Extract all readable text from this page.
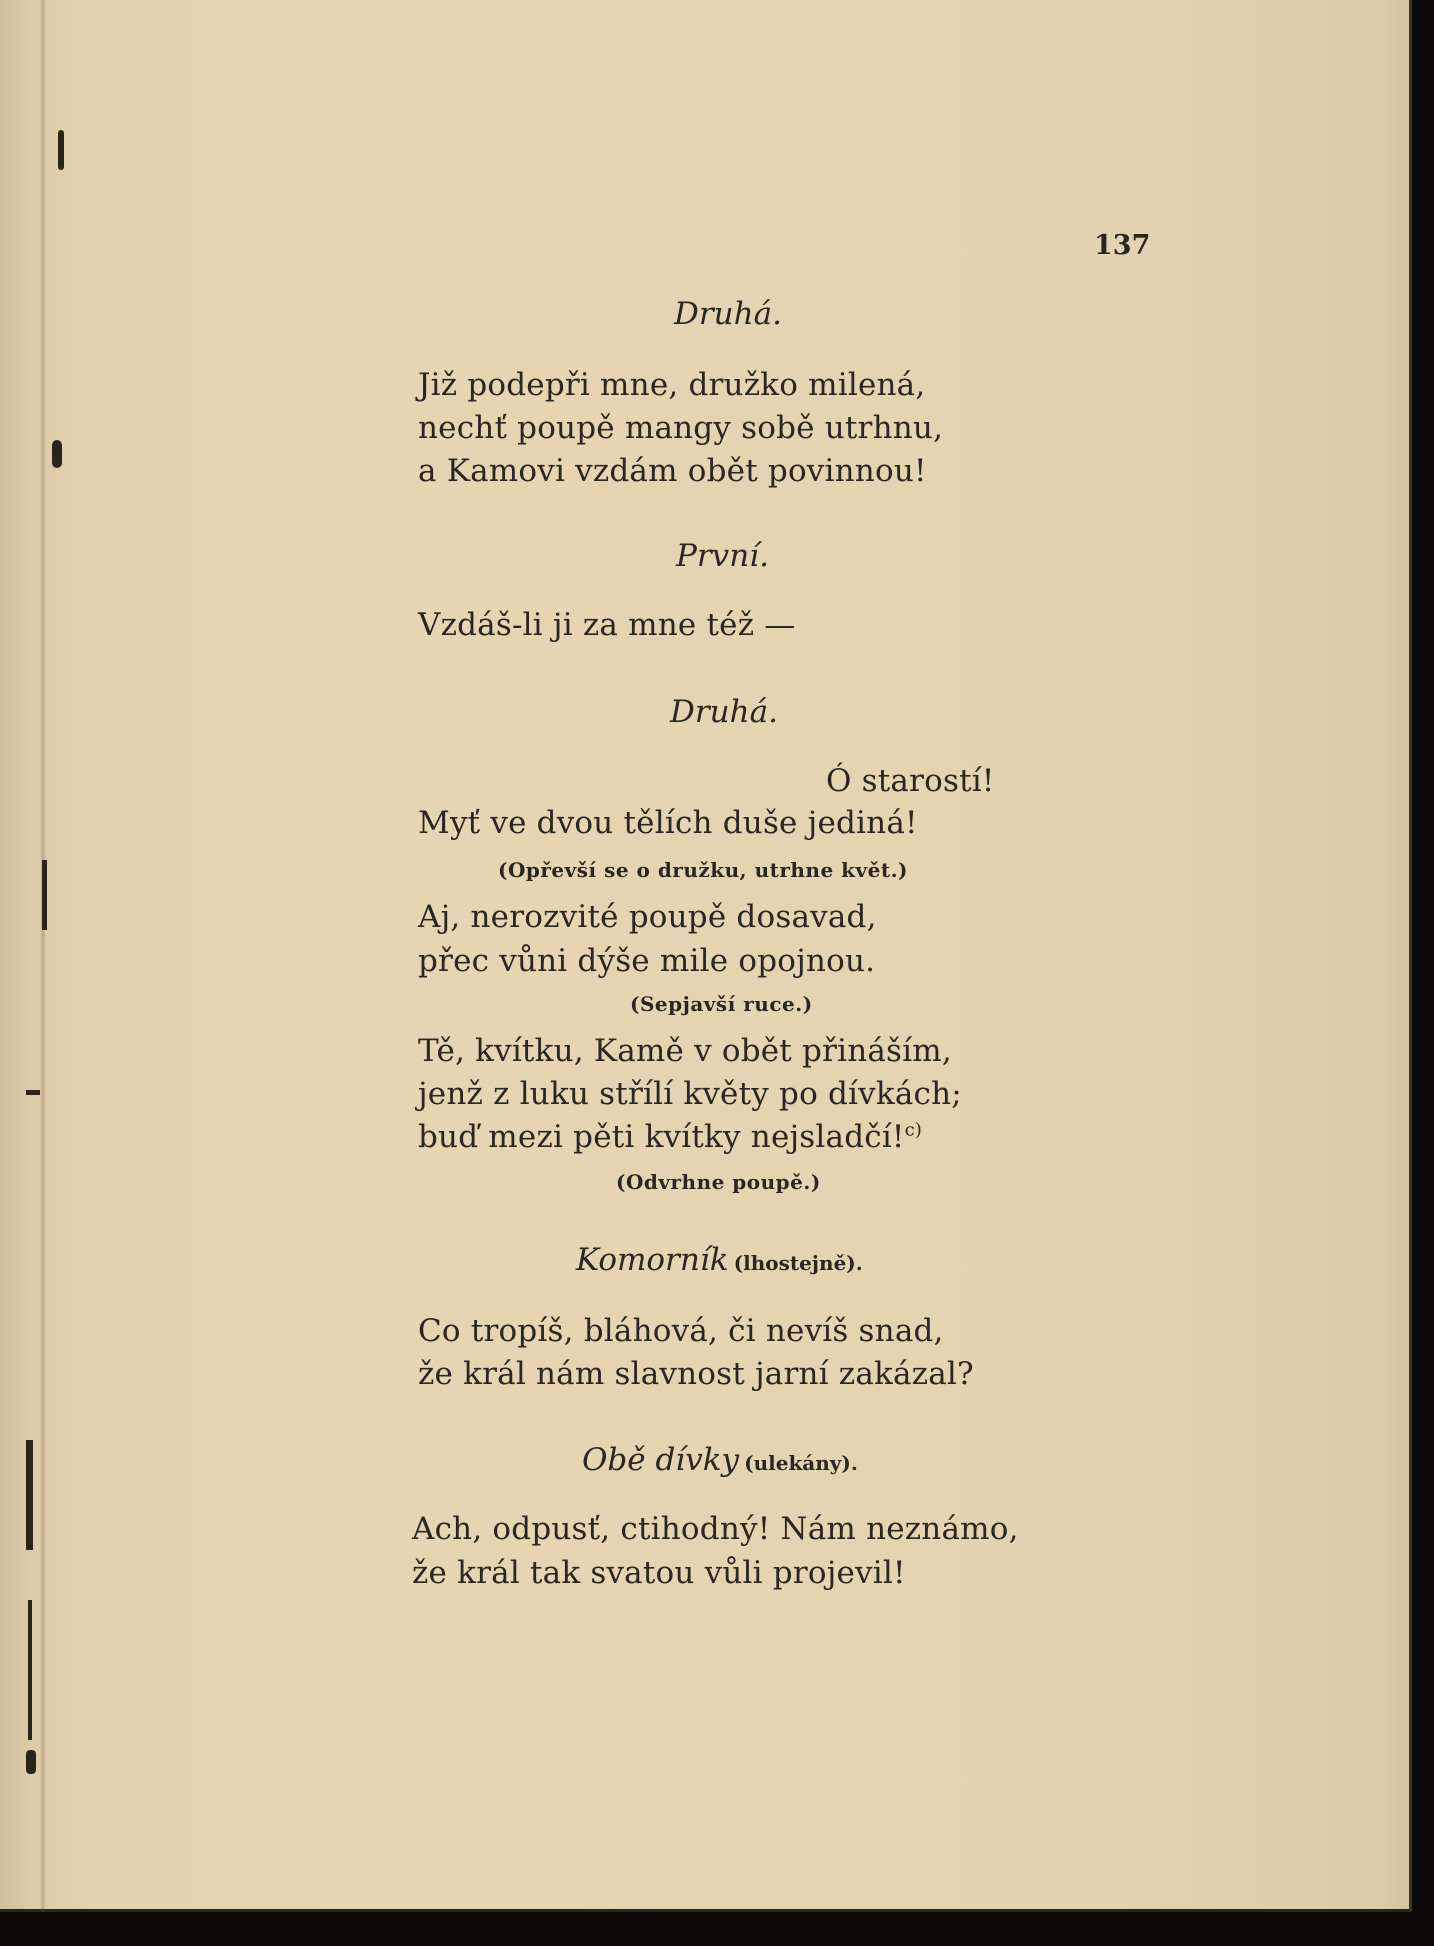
137
Druhá.
Již podepři mne, družko milená,
nechť poupě mangy sobě utrhnu,
a Kamovi vzdám obět povinnou!
První.
Vzdáš-li ji za mne též —
Druhá.
Ó starostí!
Myť ve dvou tělích duše jediná!
(Opřevší se o družku, utrhne květ.)
Aj, nerozvité poupě dosavad,
přec vůni dýše mile opojnou.
(Sepjavší ruce.)
Tě, kvítku, Kamě v obět přináším,
jenž z luku střílí květy po dívkách;
buď mezi pěti kvítky nejsladčí!$^{c)}$
(Odvrhne poupě.)
Komorník (lhostejně).
Co tropíš, bláhová, či nevíš snad,
že král nám slavnost jarní zakázal?
Obě dívky (ulekány).
Ach, odpusť, ctihodný! Nám neznámo,
že král tak svatou vůli projevil!
